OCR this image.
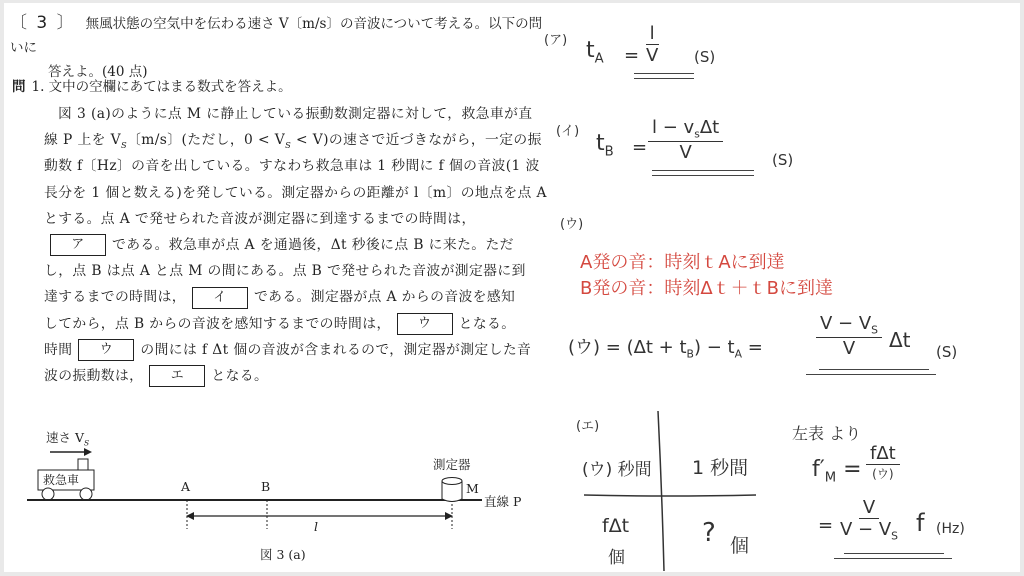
〔 3 〕 無風状態の空気中を伝わる速さ V〔m/s〕の音波について考える。以下の問いに
答えよ。(40 点)
問 1. 文中の空欄にあてはまる数式を答えよ。
図 3 (a)のように点 M に静止している振動数測定器に対して，救急車が直
線 P 上を $V_S$〔m/s〕(ただし，$0 < V_S < V$)の速さで近づきながら，一定の振
動数 f〔Hz〕の音を出している。すなわち救急車は 1 秒間に f 個の音波(1 波
長分を 1 個と数える)を発している。測定器からの距離が l〔m〕の地点を点 A
とする。点 A で発せられた音波が測定器に到達するまでの時間は，
ア である。救急車が点 A を通過後，Δt 秒後に点 B に来た。ただ
し，点 B は点 A と点 M の間にある。点 B で発せられた音波が測定器に到
達するまでの時間は， イ である。測定器が点 A からの音波を感知
してから，点 B からの音波を感知するまでの時間は， ウ となる。
時間 ウ の間には f Δt 個の音波が含まれるので，測定器が測定した音
波の振動数は， エ となる。
速さ $V_S$
救急車	A	B
測定器
M
直線 P
l
図 3 (a)
(ア) $t_A = \frac{l}{V} (S)$
(イ) $t_B = \frac{l - v_s\Delta t}{V}$	(S)
(ウ)
A発の音：時刻ｔAに到達
B発の音：時刻Δｔ＋ｔBに到達
(ウ) = $(\Delta t + t_B) - t_A$ =	$\frac{V - V_S}{V}$ Δt (S)
(エ)
(ウ) 秒間 1 秒間
fΔt
個
? 個
左表 より
$f'_M = \frac{\text{fΔt}}{\text{(ウ)}}$
= $\frac{V}{V - V_S}$ f (Hz)
